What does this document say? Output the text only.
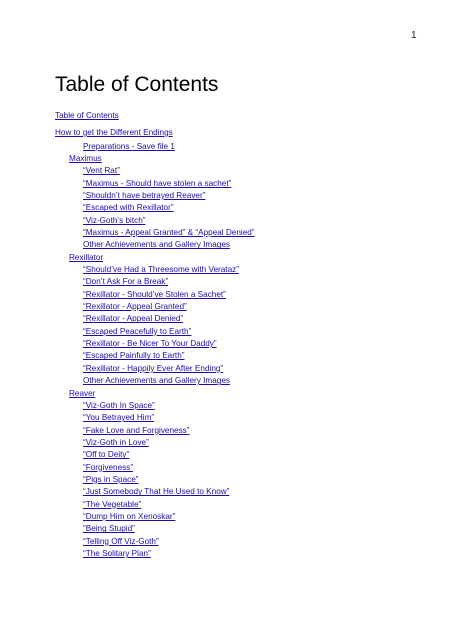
1
Table of Contents
Table of Contents
How to get the Different Endings
Preparations - Save file 1
Maximus
“Vent Rat”
“Maximus - Should have stolen a sachet”
“Shouldn’t have betrayed Reaver”
“Escaped with Rexillator”
“Viz-Goth’s bitch”
“Maximus - Appeal Granted” & “Appeal Denied”
Other Achievements and Gallery Images
Rexillator
“Should’ve Had a Threesome with Verataz”
“Don’t Ask For a Break”
“Rexillator - Should’ve Stolen a Sachet”
“Rexillator - Appeal Granted”
“Rexillator - Appeal Denied”
“Escaped Peacefully to Earth”
“Rexillator - Be Nicer To Your Daddy”
“Escaped Painfully to Earth”
“Rexillator - Happily Ever After Ending”
Other Achievements and Gallery Images
Reaver
“Viz-Goth In Space”
“You Betrayed Him”
“Fake Love and Forgiveness”
“Viz-Goth in Love”
“Off to Deity”
“Forgiveness”
“Pigs in Space”
“Just Somebody That He Used to Know”
“The Vegetable”
“Dump Him on Xenoskar”
“Being Stupid”
“Telling Off Viz-Goth”
“The Solitary Plan”
